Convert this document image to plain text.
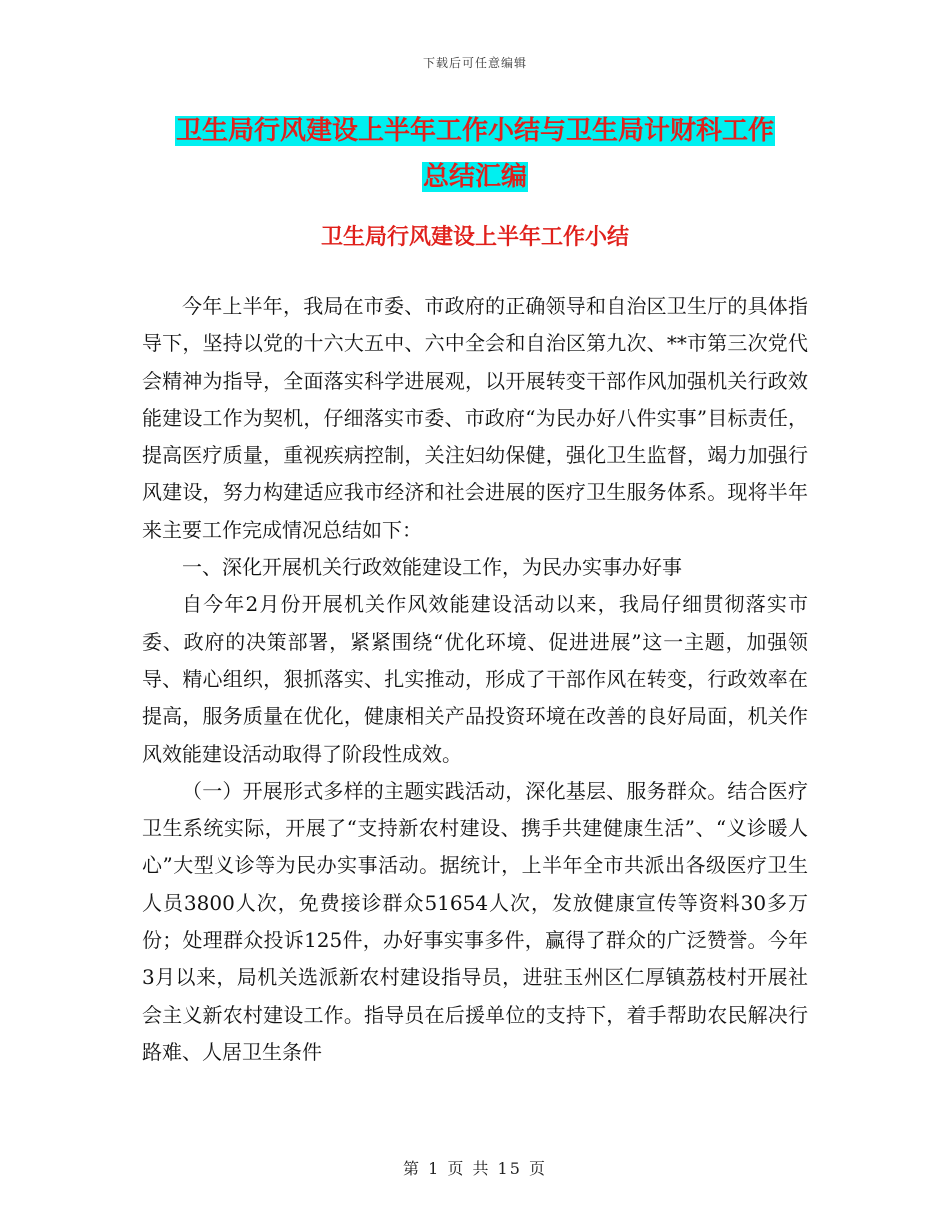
下载后可任意编辑
卫生局行风建设上半年工作小结与卫生局计财科工作
总结汇编
卫生局行风建设上半年工作小结

今年上半年，我局在市委、市政府的正确领导和自治区卫生厅的具体指导下，坚持以党的十六大五中、六中全会和自治区第九次、**市第三次党代会精神为指导，全面落实科学进展观，以开展转变干部作风加强机关行政效能建设工作为契机，仔细落实市委、市政府“为民办好八件实事”目标责任，提高医疗质量，重视疾病控制，关注妇幼保健，强化卫生监督，竭力加强行风建设，努力构建适应我市经济和社会进展的医疗卫生服务体系。现将半年来主要工作完成情况总结如下：

一、深化开展机关行政效能建设工作，为民办实事办好事

自今年2月份开展机关作风效能建设活动以来，我局仔细贯彻落实市委、政府的决策部署，紧紧围绕“优化环境、促进进展”这一主题，加强领导、精心组织，狠抓落实、扎实推动，形成了干部作风在转变，行政效率在提高，服务质量在优化，健康相关产品投资环境在改善的良好局面，机关作风效能建设活动取得了阶段性成效。

（一）开展形式多样的主题实践活动，深化基层、服务群众。结合医疗卫生系统实际，开展了“支持新农村建设、携手共建健康生活”、“义诊暖人心”大型义诊等为民办实事活动。据统计，上半年全市共派出各级医疗卫生人员3800人次，免费接诊群众51654人次，发放健康宣传等资料30多万份；处理群众投诉125件，办好事实事多件，赢得了群众的广泛赞誉。今年3月以来，局机关选派新农村建设指导员，进驻玉州区仁厚镇荔枝村开展社会主义新农村建设工作。指导员在后援单位的支持下，着手帮助农民解决行路难、人居卫生条件

第 1 页 共 15 页
